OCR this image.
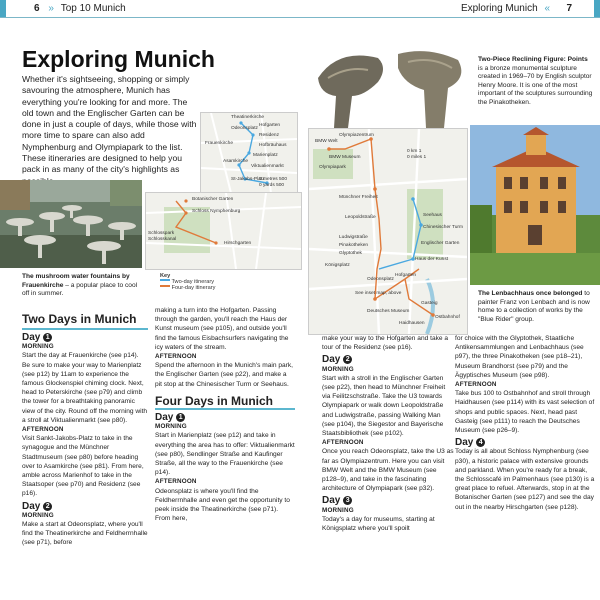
6 » Top 10 Munich	Exploring Munich « 7
Exploring Munich
Whether it's sightseeing, shopping or simply savouring the atmosphere, Munich has everything you're looking for and more. The old town and the Englischer Garten can be done in just a couple of days, while those with more time to spare can also add Nymphenburg and Olympiapark to the list. These itineraries are designed to help you pack in as many of the city's highlights as
The mushroom water fountains by Frauenkirche – a popular place to cool off in summer.
Theatinerkirche
Hofgarten
Odeonsplatz
Residenz
Frauenkirche	Hofbräuhaus
Marienplatz
Asamkirche
Viktualienmarkt
St-Jakobs-Platz
0 metres 500
0 yards 500
Botanischer Garten
Schloss Nymphenburg
Schlosspark
Hirschgarten
Schlosskanal
Key
Two-day itinerary
Four-day itinerary
Two-Piece Reclining Figure: Points is a bronze monumental sculpture created in 1969–70 by English sculptor Henry Moore. It is one of the most important of the sculptures surrounding the Pinakotheken.
Olympiazentrum
BMW Welt
BMW Museum
Olympiapark
Münchner Freiheit
Leopoldstraße	Seehaus
Chinesischer Turm
Ludwigstraße
Englischer Garten
Pinakotheken
Glyptothek
Haus der Kunst
Königsplatz
Odeonsplatz
Hofgarten
Deutsches Museum
Gasteig
Haidhausen
Ostbahnhof
0 km 1
0 miles 1
See inset map, above	The Lenbachhaus once belonged to painter Franz von Lenbach and is now home to a collection of works by the "Blue Rider" group.
Two Days in Munich
Day 1
MORNING

Start the day at Frauenkirche (see p14). Be sure to make your way to Marienplatz (see p12) by 11am to experience the famous Glockenspiel chiming clock. Next, head to Peterskirche (see p79) and climb the tower for a breathtaking panoramic view of the city. Round off the morning with a stroll at Viktualienmarkt (see p80).

AFTERNOON

Visit Sankt-Jakobs-Platz to take in the synagogue and the Münchner Stadtmuseum (see p80) before heading over to Asamkirche (see p81). From here, amble across Marienhof to take in the Staatsoper (see p70) and Residenz (see p16).

Day 2
MORNING

Make a start at Odeonsplatz, where you'll find the Theatinerkirche and Feldherrnhalle (see p71), before

making a turn into the Hofgarten. Passing through the garden, you'll reach the Haus der Kunst museum (see p105), and outside you'll find the famous Eisbachsurfers navigating the icy waters of the stream.

AFTERNOON

Spend the afternoon in the Munich's main park, the Englischer Garten (see p22), and make a pit stop at the Chinesischer Turm or Seehaus.

Four Days in Munich
Day 1
MORNING

Start in Marienplatz (see p12) and take in everything the area has to offer: Viktualienmarkt (see p80), Sendlinger Straße and Kaufinger Straße, all the way to the Frauenkirche (see p14).

AFTERNOON

Odeonsplatz is where you'll find the Feldherrnhalle and even get the opportunity to peek inside the Theatinerkirche (see p71). From here,

make your way to the Hofgarten and take a tour of the Residenz (see p16).

Day 2
MORNING

Start with a stroll in the Englischer Garten (see p22), then head to Münchner Freiheit via Feilitzschstraße. Take the U3 towards Olympiapark or walk down Leopoldstraße and Ludwigstraße, passing Walking Man (see p104), the Siegestor and Bayerische Staatsbibliothek (see p102).

AFTERNOON

Once you reach Odeonsplatz, take the U3 as far as Olympiazentrum. Here you can visit BMW Welt and the BMW Museum (see p128–9), and take in the fascinating architecture of Olympiapark (see p32).

Day 3
MORNING

Today's a day for museums, starting at Königsplatz where you'll spoilt

for choice with the Glyptothek, Staatliche Antikensammlungen and Lenbachhaus (see p97), the three Pinakotheken (see p18–21), Museum Brandhorst (see p79) and the Ägyptisches Museum (see p98).

AFTERNOON

Take bus 100 to Ostbahnhof and stroll through Haidhausen (see p114) with its vast selection of shops and public spaces. Next, head past Gasteig (see p111) to reach the Deutsches Museum (see p26–9).

Day 4

Today is all about Schloss Nymphenburg (see p30), a historic palace with extensive grounds and parkland. When you're ready for a break, the Schlosscafé im Palmenhaus (see p130) is a great place to refuel. Afterwards, stop in at the Botanischer Garten (see p127) and see the day out in the nearby Hirschgarten (see p128).
